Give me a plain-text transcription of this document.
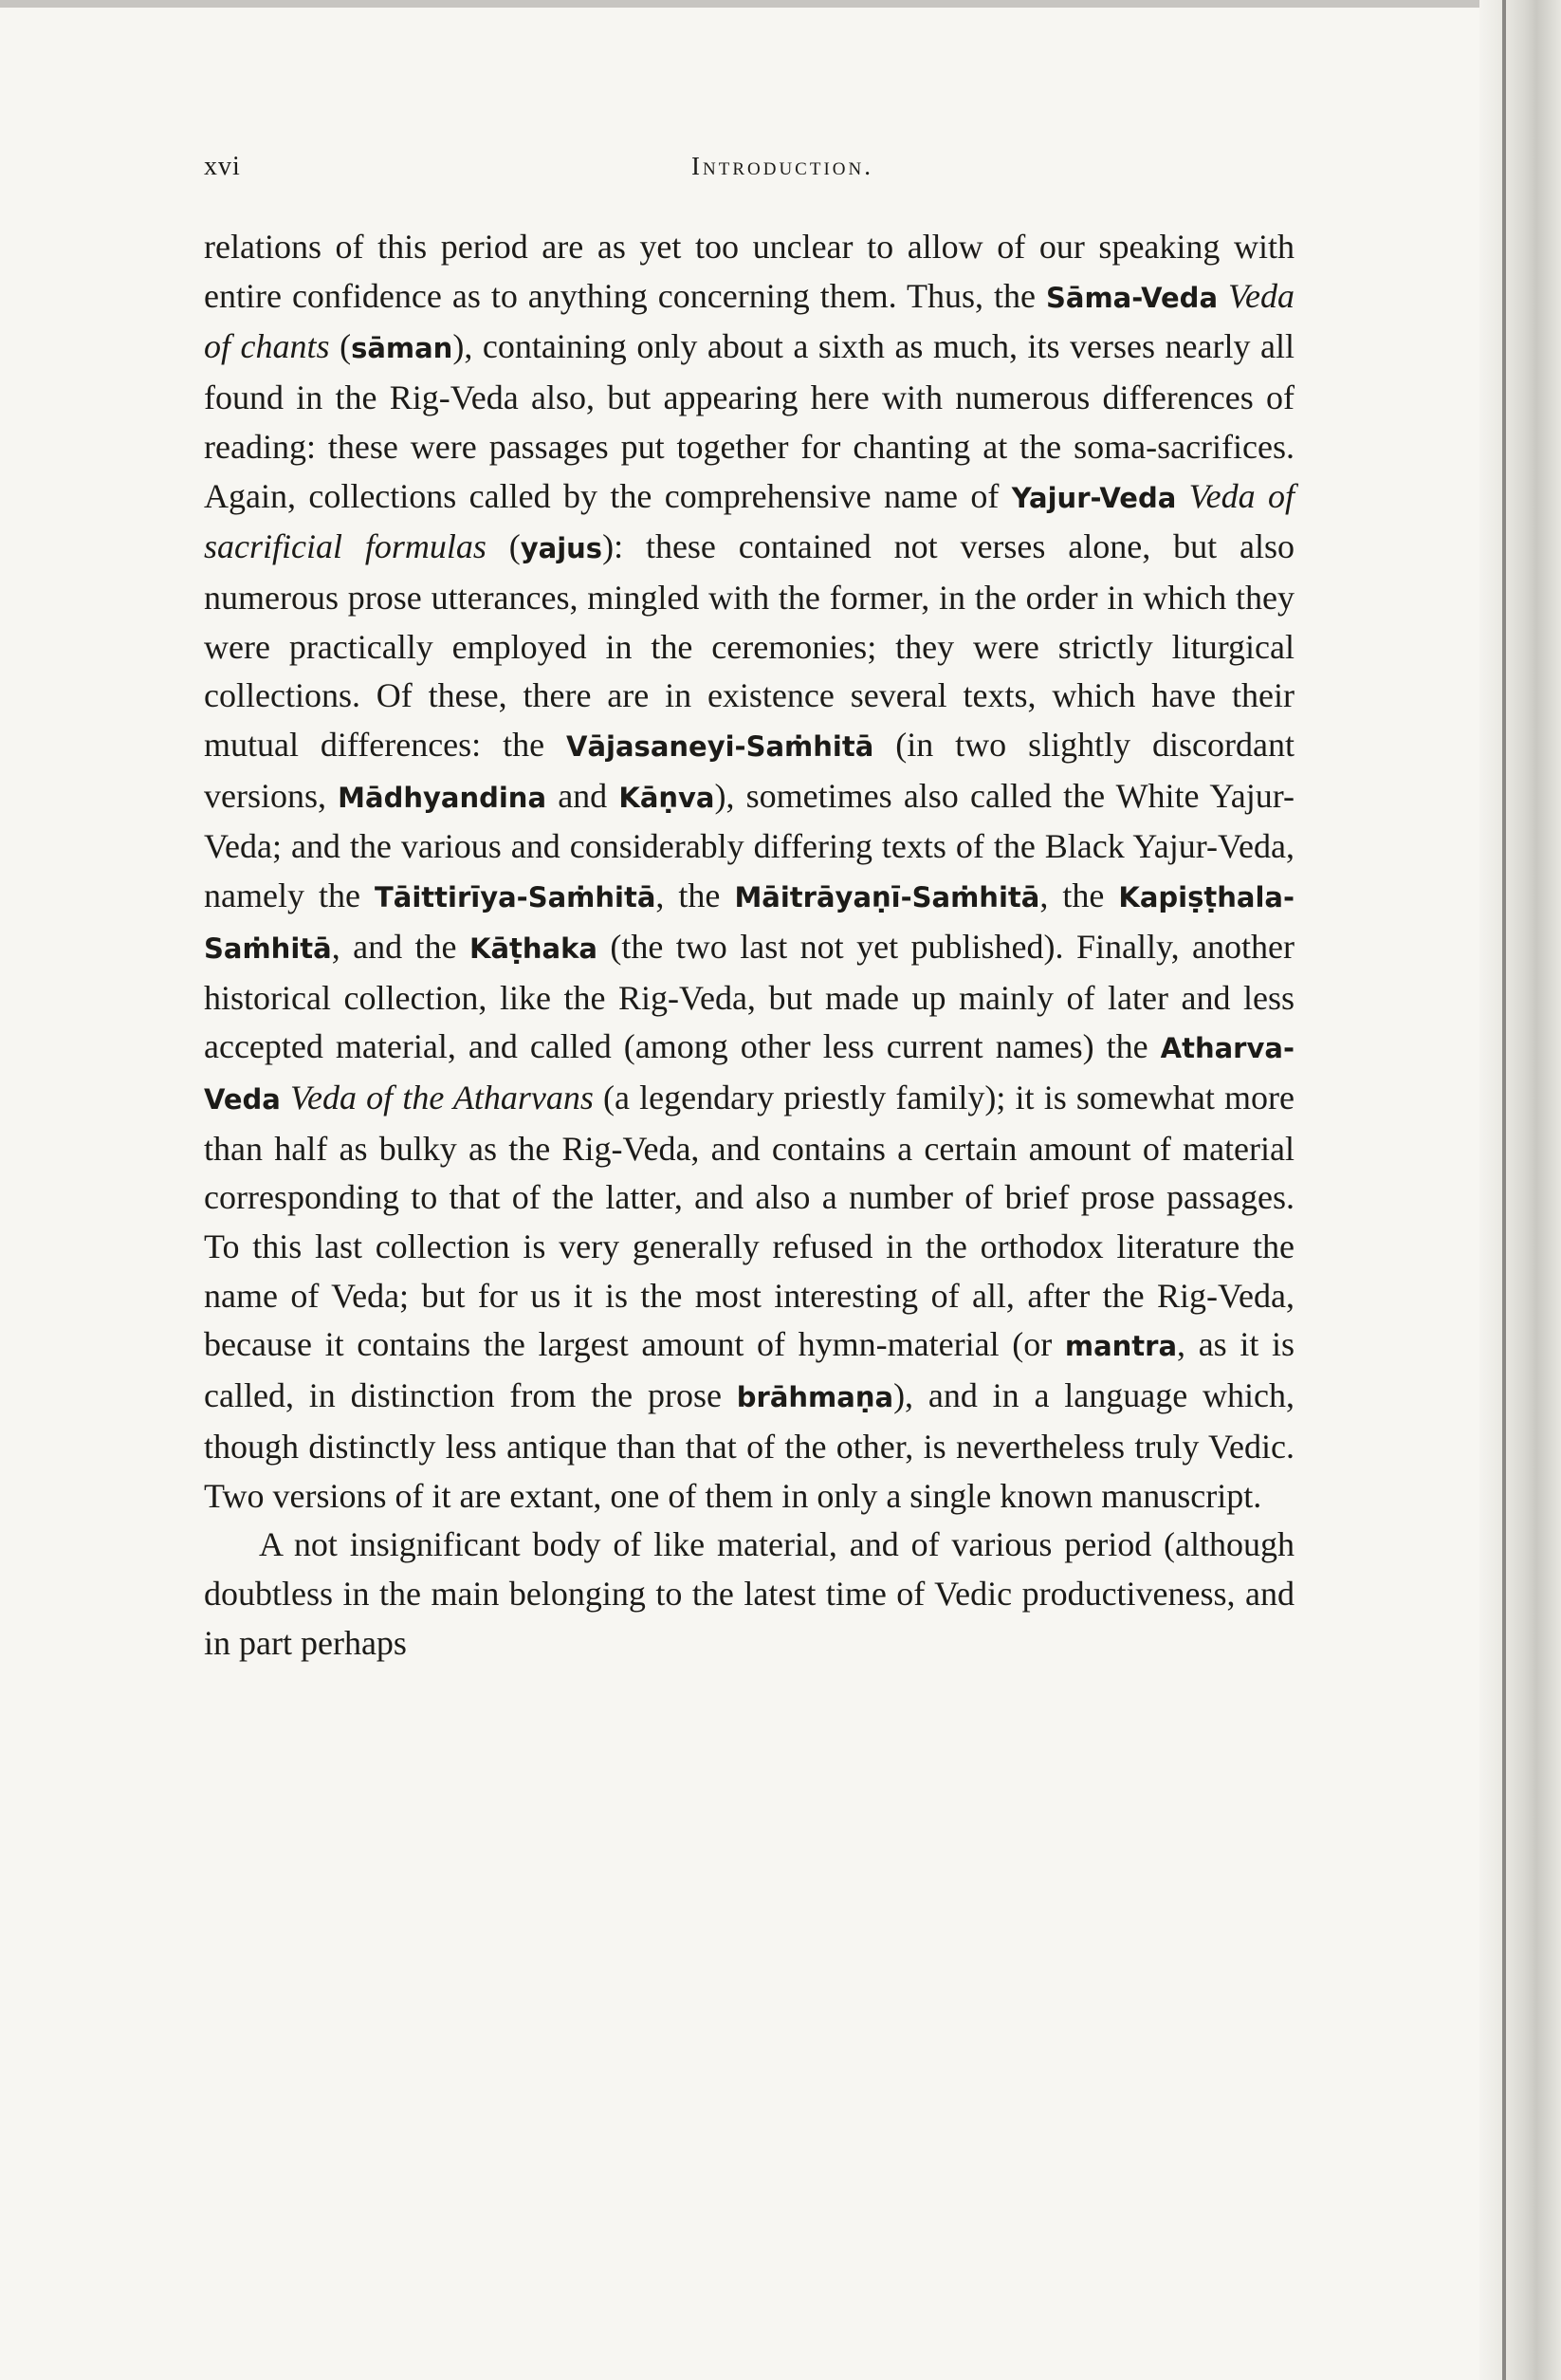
xvi	Introduction.

relations of this period are as yet too unclear to allow of our speaking with entire confidence as to anything concerning them. Thus, the Sāma-Veda Veda of chants (sāman), containing only about a sixth as much, its verses nearly all found in the Rig-Veda also, but appearing here with numerous differences of reading: these were passages put together for chanting at the soma-sacrifices. Again, collections called by the comprehensive name of Yajur-Veda Veda of sacrificial formulas (yajus): these contained not verses alone, but also numerous prose utterances, mingled with the former, in the order in which they were practically employed in the ceremonies; they were strictly liturgical collections. Of these, there are in existence several texts, which have their mutual differences: the Vājasaneyi-Saṁhitā (in two slightly discordant versions, Mādhyandina and Kāṇva), sometimes also called the White Yajur-Veda; and the various and considerably differing texts of the Black Yajur-Veda, namely the Tāittirīya-Saṁhitā, the Māitrāyaṇī-Saṁhitā, the Kapiṣṭhala-Saṁhitā, and the Kāṭhaka (the two last not yet published). Finally, another historical collection, like the Rig-Veda, but made up mainly of later and less accepted material, and called (among other less current names) the Atharva-Veda Veda of the Atharvans (a legendary priestly family); it is somewhat more than half as bulky as the Rig-Veda, and contains a certain amount of material corresponding to that of the latter, and also a number of brief prose passages. To this last collection is very generally refused in the orthodox literature the name of Veda; but for us it is the most interesting of all, after the Rig-Veda, because it contains the largest amount of hymn-material (or mantra, as it is called, in distinction from the prose brāhmaṇa), and in a language which, though distinctly less antique than that of the other, is nevertheless truly Vedic. Two versions of it are extant, one of them in only a single known manuscript.

A not insignificant body of like material, and of various period (although doubtless in the main belonging to the latest time of Vedic productiveness, and in part perhaps
